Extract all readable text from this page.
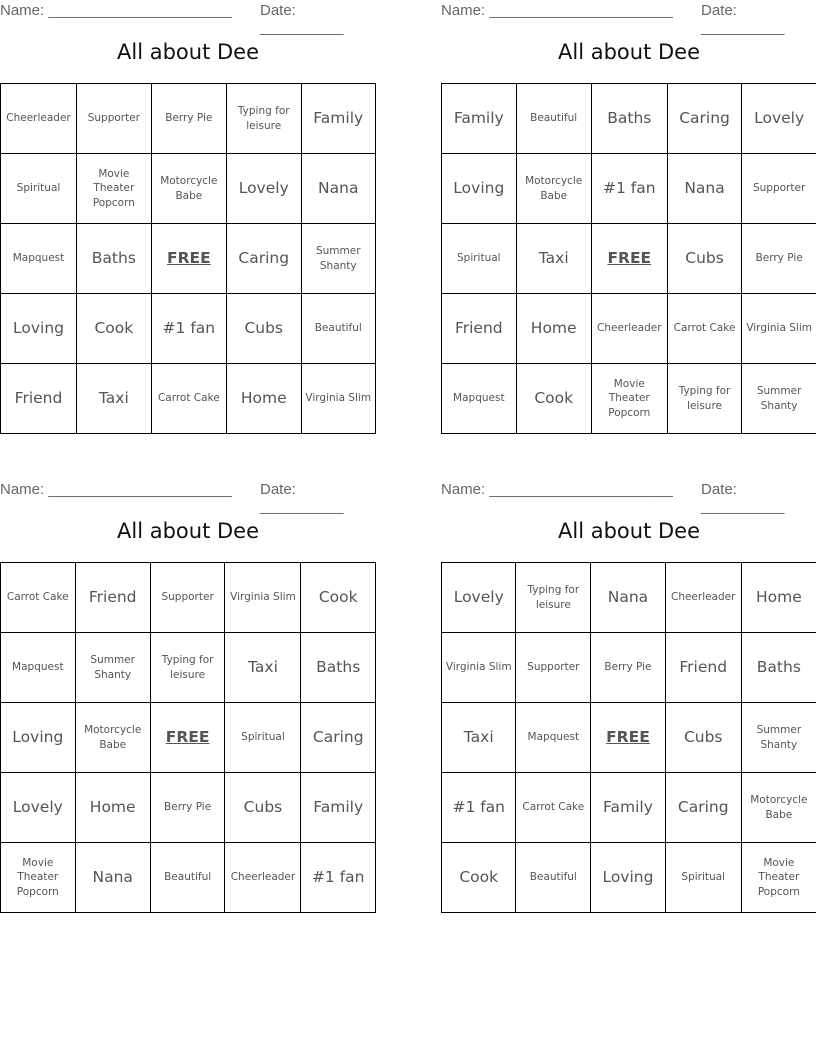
Name: ______________________ Date: __________
All about Dee
Cheerleader	Supporter	Berry Pie	Typing for leisure	Family
Spiritual	Movie Theater Popcorn	Motorcycle Babe	Lovely	Nana
Mapquest	Baths	FREE	Caring	Summer Shanty
Loving	Cook	#1 fan	Cubs	Beautiful
Friend	Taxi	Carrot Cake	Home	Virginia Slim
Name: ______________________ Date: __________
All about Dee
Family	Beautiful	Baths	Caring	Lovely
Loving	Motorcycle Babe	#1 fan	Nana	Supporter
Spiritual	Taxi	FREE	Cubs	Berry Pie
Friend	Home	Cheerleader	Carrot Cake	Virginia Slim
Mapquest	Cook	Movie Theater Popcorn	Typing for leisure	Summer Shanty
Name: ______________________ Date: __________
All about Dee
Carrot Cake	Friend	Supporter	Virginia Slim	Cook
Mapquest	Summer Shanty	Typing for leisure	Taxi	Baths
Loving	Motorcycle Babe	FREE	Spiritual	Caring
Lovely	Home	Berry Pie	Cubs	Family
Movie Theater Popcorn	Nana	Beautiful	Cheerleader	#1 fan
Name: ______________________ Date: __________
All about Dee
Lovely	Typing for leisure	Nana	Cheerleader	Home
Virginia Slim	Supporter	Berry Pie	Friend	Baths
Taxi	Mapquest	FREE	Cubs	Summer Shanty
#1 fan	Carrot Cake	Family	Caring	Motorcycle Babe
Cook	Beautiful	Loving	Spiritual	Movie Theater Popcorn
